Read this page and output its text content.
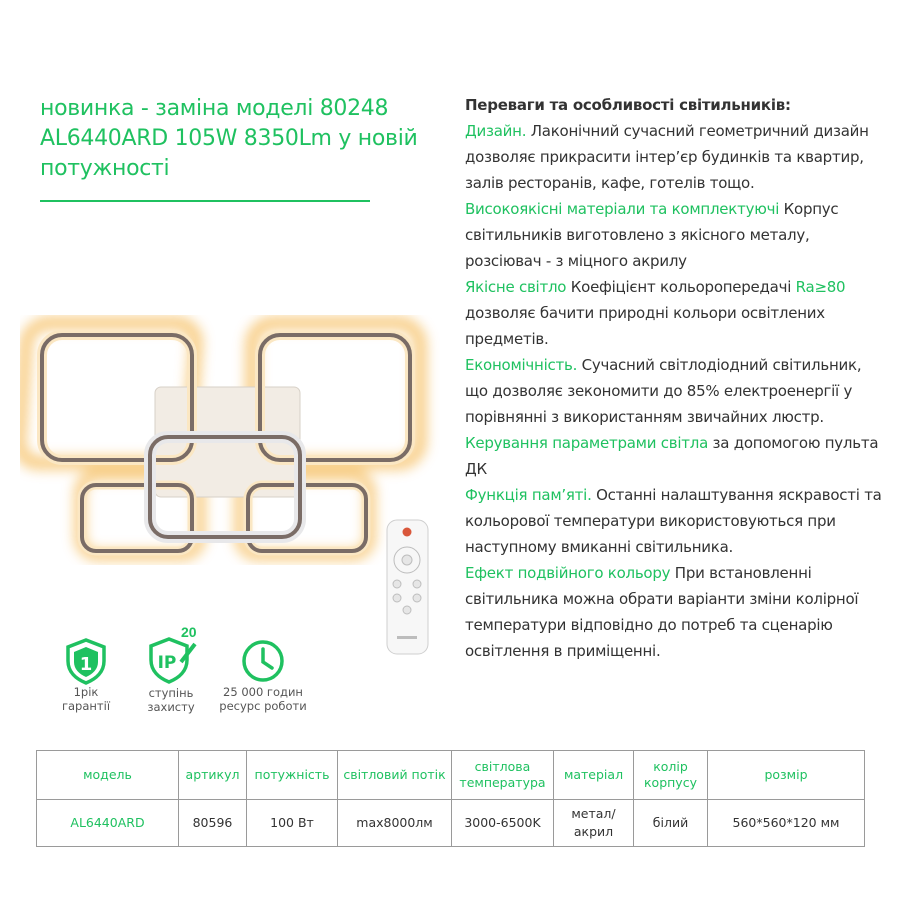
новинка - заміна моделі 80248
AL6440ARD 105W 8350Lm у новій
потужності

Переваги та особливості світильників:

Дизайн. Лаконічний сучасний геометричний дизайн дозволяє прикрасити інтер’єр будинків та квартир, залів ресторанів, кафе, готелів тощо.

Високоякісні матеріали та комплектуючі Корпус світильників виготовлено з якісного металу, розсіювач - з міцного акрилу

Якісне світло Коефіцієнт кольоропередачі Ra≥80 дозволяє бачити природні кольори освітлених предметів.

Економічність. Сучасний світлодіодний світильник, що дозволяє зекономити до 85% електроенергії у порівнянні з використанням звичайних люстр.

Керування параметрами світла за допомогою пульта ДК

Функція пам’яті. Останні налаштування яскравості та кольорової температури використовуються при наступному вмиканні світильника.

Ефект подвійного кольору При встановленні світильника можна обрати варіанти зміни колірної температури відповідно до потреб та сценарію освітлення в приміщенні.

1
1рік
гарантії
20
IP
ступінь
захисту
25 000 годин
ресурс роботи
модель	артикул	потужність	світловий потік	світлова температура	матеріал	колір корпусу	розмір
AL6440ARD	80596	100 Вт	max8000лм	3000-6500K	метал/ акрил	білий	560*560*120 мм
